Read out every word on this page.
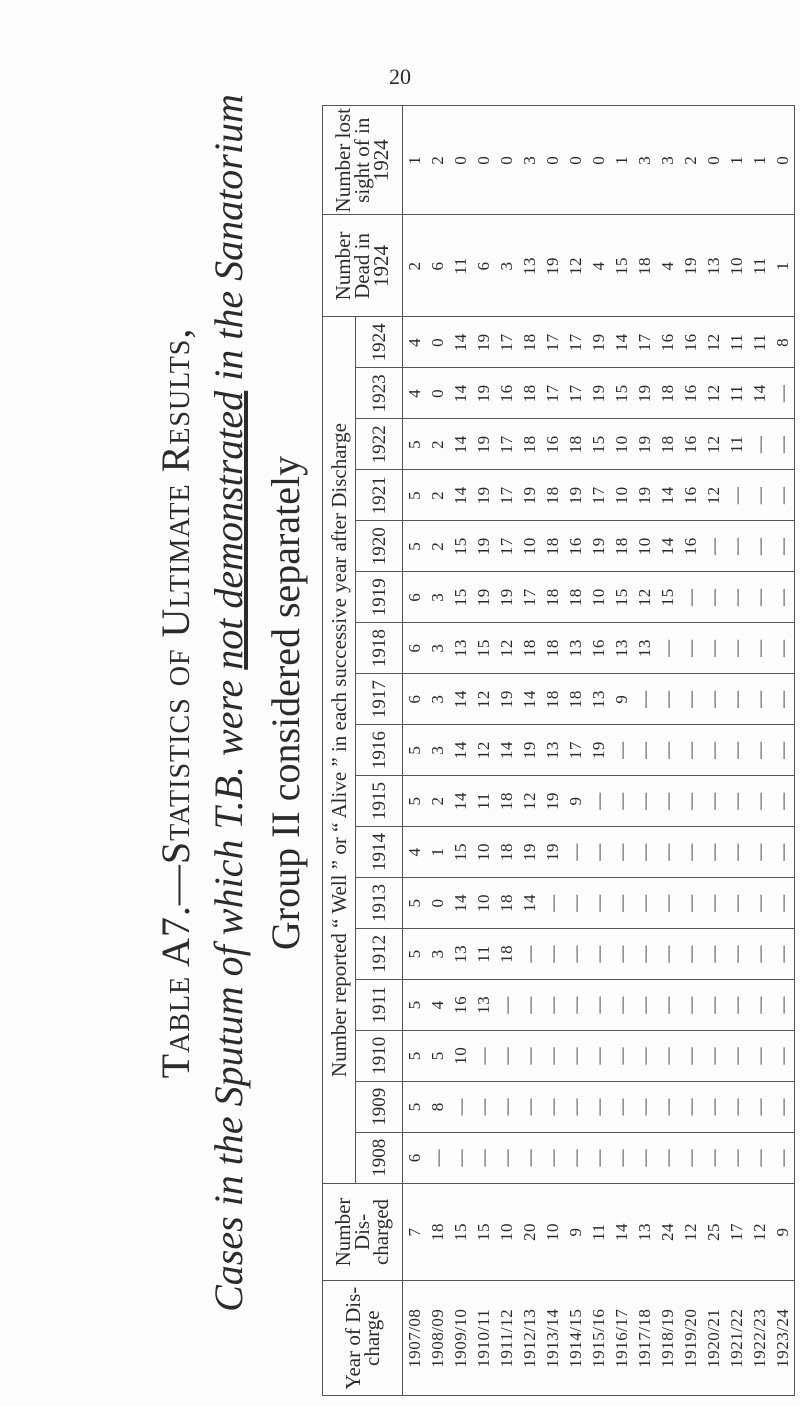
20
Table A7.—Statistics of Ultimate Results, Cases in the Sputum of which T.B. were not demonstrated in the Sanatorium
Group II considered separately
Year of Dis-charge	Number Dis-charged	Number reported “ Well ” or “ Alive ” in each successive year after Discharge																	Number Dead in 1924	Number lost sight of in 1924
		1908	1909	1910	1911	1912	1913	1914	1915	1916	1917	1918	1919	1920	1921	1922	1923	1924		
1907/08	7	6	5	5	5	5	5	4	5	5	6	6	6	5	5	5	4	4	2	1
1908/09	18	—	8	5	4	3	0	1	2	3	3	3	3	2	2	2	0	0	6	2
1909/10	15	—	—	10	16	13	14	15	14	14	14	13	15	15	14	14	14	14	11	0
1910/11	15	—	—	—	13	11	10	10	11	12	12	15	19	19	19	19	19	19	6	0
1911/12	10	—	—	—	—	18	18	18	18	14	19	12	19	17	17	17	16	17	3	0
1912/13	20	—	—	—	—	—	14	19	12	19	14	18	17	10	19	18	18	18	13	3
1913/14	10	—	—	—	—	—	—	19	19	13	18	18	18	18	18	16	17	17	19	0
1914/15	9	—	—	—	—	—	—	—	9	17	18	13	18	16	19	18	17	17	12	0
1915/16	11	—	—	—	—	—	—	—	—	19	13	16	10	19	17	15	19	19	4	0
1916/17	14	—	—	—	—	—	—	—	—	—	9	13	15	18	10	10	15	14	15	1
1917/18	13	—	—	—	—	—	—	—	—	—	—	13	12	10	19	19	19	17	18	3
1918/19	24	—	—	—	—	—	—	—	—	—	—	—	15	14	14	18	18	16	4	3
1919/20	12	—	—	—	—	—	—	—	—	—	—	—	—	16	16	16	16	16	19	2
1920/21	25	—	—	—	—	—	—	—	—	—	—	—	—	—	12	12	12	12	13	0
1921/22	17	—	—	—	—	—	—	—	—	—	—	—	—	—	—	11	11	11	10	1
1922/23	12	—	—	—	—	—	—	—	—	—	—	—	—	—	—	—	14	11	11	1
1923/24	9	—	—	—	—	—	—	—	—	—	—	—	—	—	—	—	—	8	1	0
